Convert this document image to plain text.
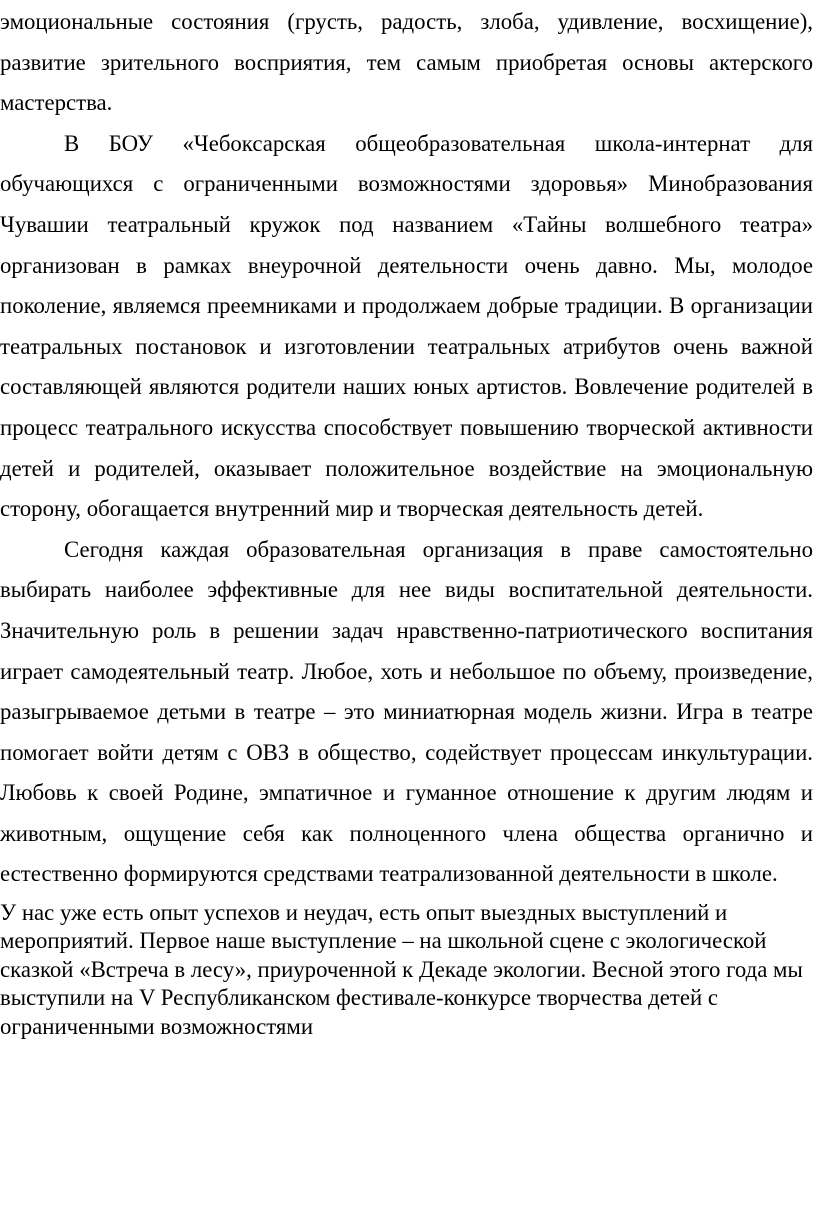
эмоциональные состояния (грусть, радость, злоба, удивление, восхищение), развитие зрительного восприятия, тем самым приобретая основы актерского мастерства.

В БОУ «Чебоксарская общеобразовательная школа-интернат для обучающихся с ограниченными возможностями здоровья» Минобразования Чувашии театральный кружок под названием «Тайны волшебного театра» организован в рамках внеурочной деятельности очень давно. Мы, молодое поколение, являемся преемниками и продолжаем добрые традиции. В организации театральных постановок и изготовлении театральных атрибутов очень важной составляющей являются родители наших юных артистов. Вовлечение родителей в процесс театрального искусства способствует повышению творческой активности детей и родителей, оказывает положительное воздействие на эмоциональную сторону, обогащается внутренний мир и творческая деятельность детей.

Сегодня каждая образовательная организация в праве самостоятельно выбирать наиболее эффективные для нее виды воспитательной деятельности. Значительную роль в решении задач нравственно-патриотического воспитания играет самодеятельный театр. Любое, хоть и небольшое по объему, произведение, разыгрываемое детьми в театре – это миниатюрная модель жизни. Игра в театре помогает войти детям с ОВЗ в общество, содействует процессам инкультурации. Любовь к своей Родине, эмпатичное и гуманное отношение к другим людям и животным, ощущение себя как полноценного члена общества органично и естественно формируются средствами театрализованной деятельности в школе.

У нас уже есть опыт успехов и неудач, есть опыт выездных выступлений и мероприятий. Первое наше выступление – на школьной сцене с экологической сказкой «Встреча в лесу», приуроченной к Декаде экологии. Весной этого года мы выступили на V Республиканском фестивале-конкурсе творчества детей с ограниченными возможностями
